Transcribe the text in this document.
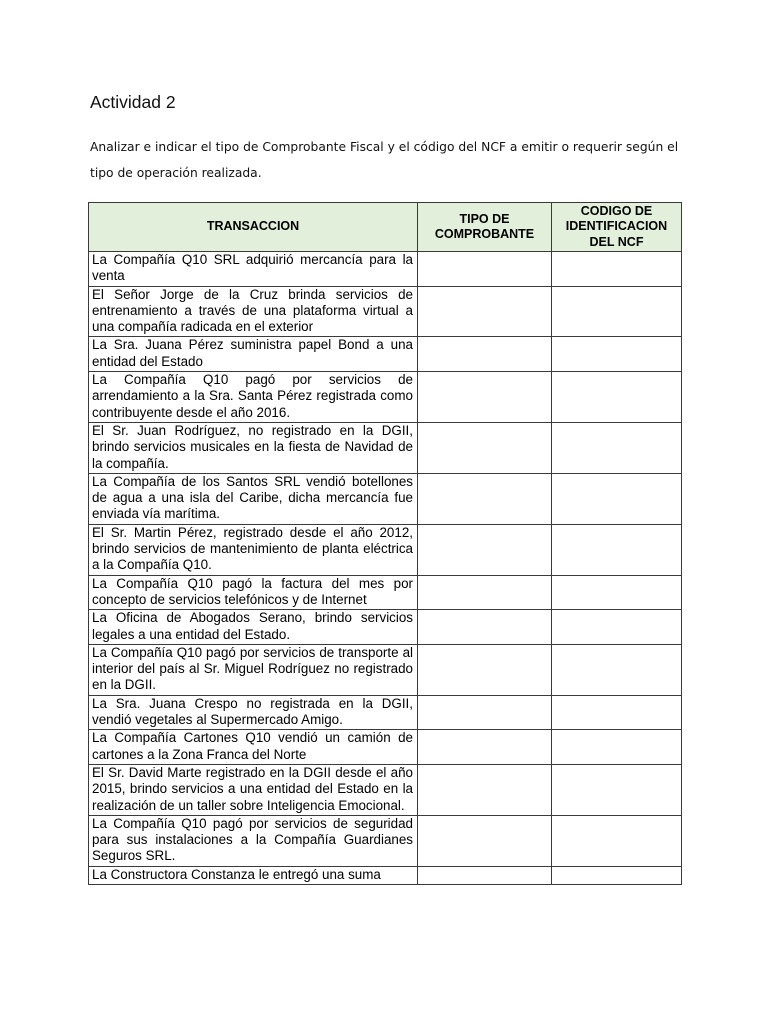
Actividad 2

Analizar e indicar el tipo de Comprobante Fiscal y el código del NCF a emitir o requerir según el tipo de operación realizada.

TRANSACCION	TIPO DE COMPROBANTE	CODIGO DE IDENTIFICACION DEL NCF
La Compañía Q10 SRL adquirió mercancía para la venta		
El Señor Jorge de la Cruz brinda servicios de entrenamiento a través de una plataforma virtual a una compañía radicada en el exterior		
La Sra. Juana Pérez suministra papel Bond a una entidad del Estado		
La Compañía Q10 pagó por servicios de arrendamiento a la Sra. Santa Pérez registrada como contribuyente desde el año 2016.		
El Sr. Juan Rodríguez, no registrado en la DGII, brindo servicios musicales en la fiesta de Navidad de la compañía.		
La Compañía de los Santos SRL vendió botellones de agua a una isla del Caribe, dicha mercancía fue enviada vía marítima.		
El Sr. Martin Pérez, registrado desde el año 2012, brindo servicios de mantenimiento de planta eléctrica a la Compañía Q10.		
La Compañía Q10 pagó la factura del mes por concepto de servicios telefónicos y de Internet		
La Oficina de Abogados Serano, brindo servicios legales a una entidad del Estado.		
La Compañía Q10 pagó por servicios de transporte al interior del país al Sr. Miguel Rodríguez no registrado en la DGII.		
La Sra. Juana Crespo no registrada en la DGII, vendió vegetales al Supermercado Amigo.		
La Compañía Cartones Q10 vendió un camión de cartones a la Zona Franca del Norte		
El Sr. David Marte registrado en la DGII desde el año 2015, brindo servicios a una entidad del Estado en la realización de un taller sobre Inteligencia Emocional.		
La Compañía Q10 pagó por servicios de seguridad para sus instalaciones a la Compañía Guardianes Seguros SRL.		

La Constructora Constanza le entregó una suma		
